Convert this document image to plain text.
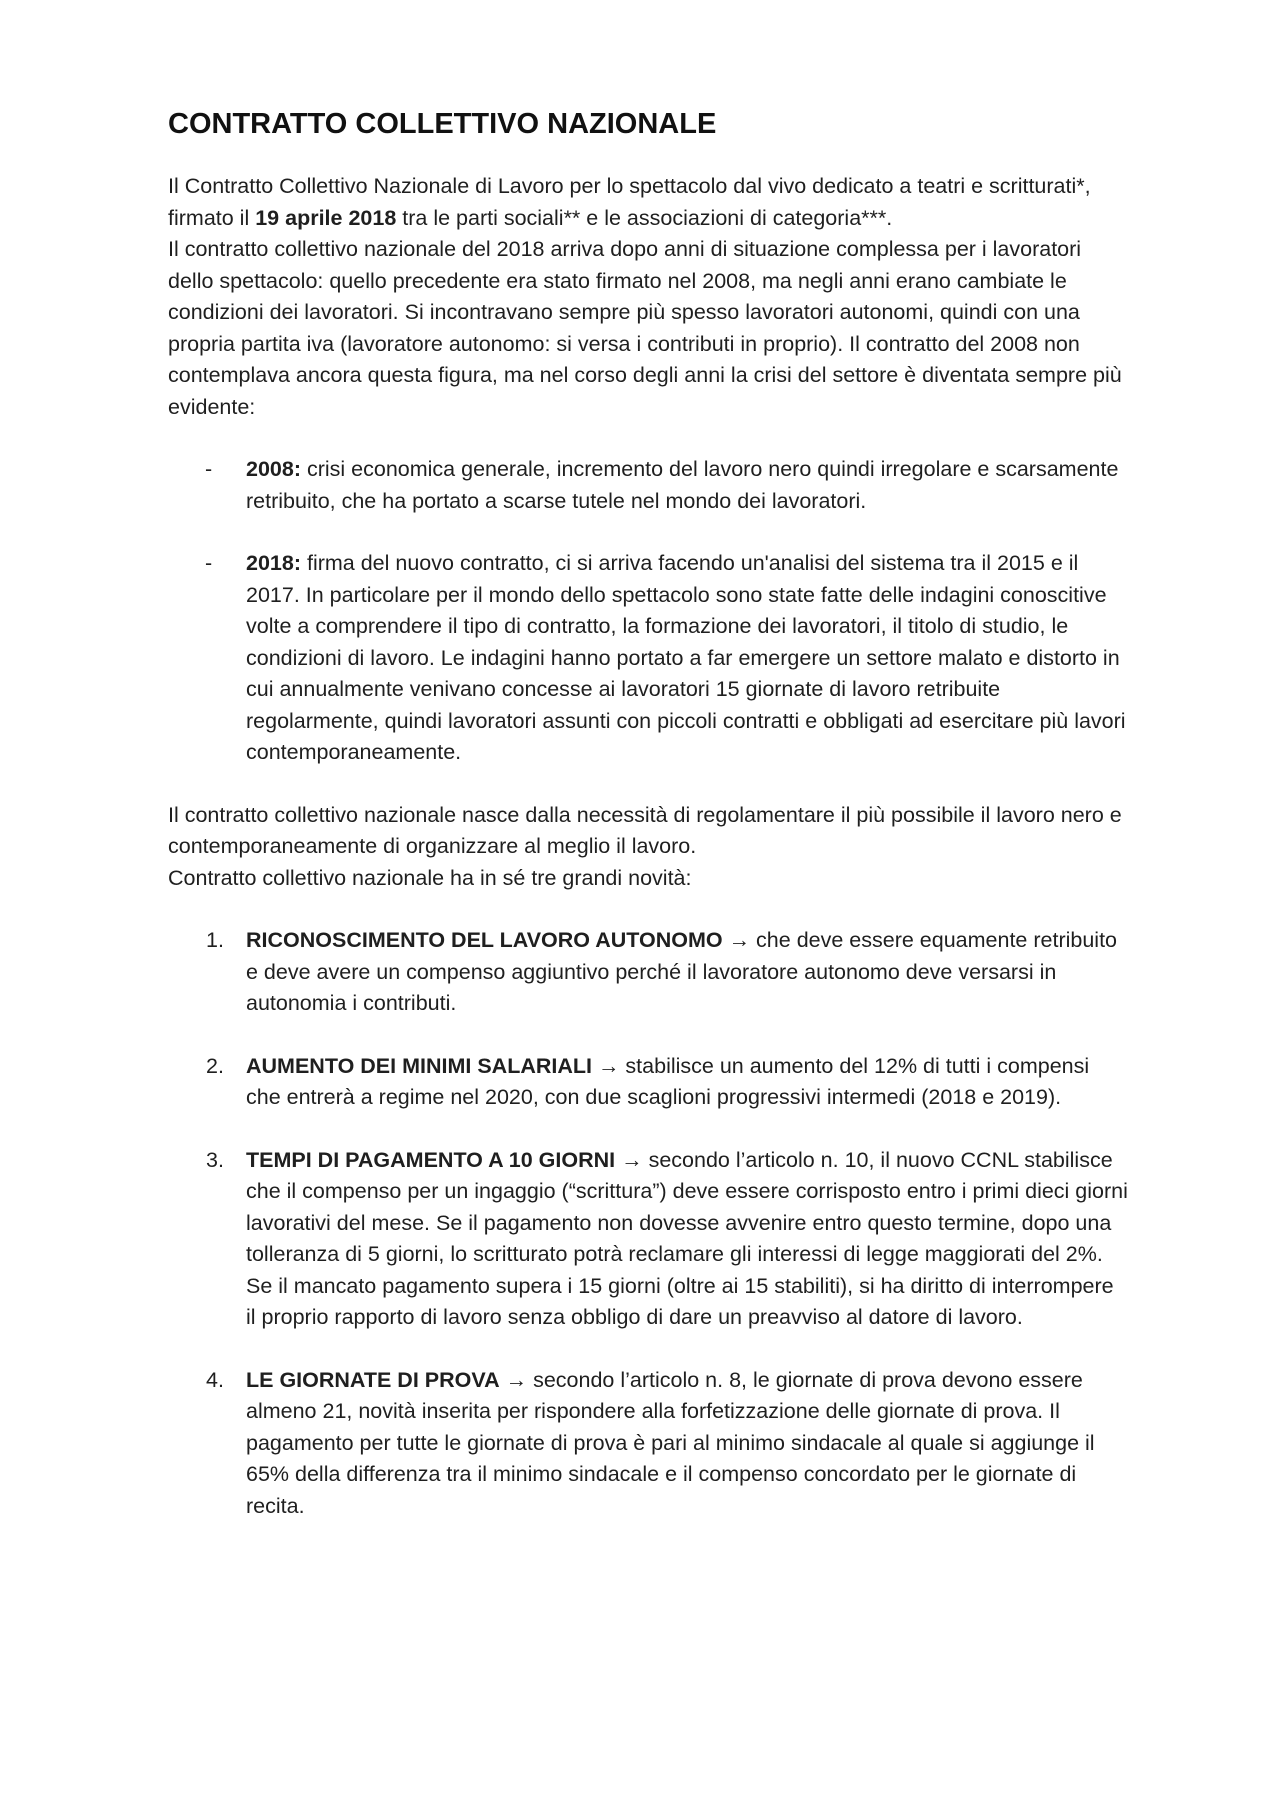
CONTRATTO COLLETTIVO NAZIONALE

Il Contratto Collettivo Nazionale di Lavoro per lo spettacolo dal vivo dedicato a teatri e scritturati*, firmato il 19 aprile 2018 tra le parti sociali** e le associazioni di categoria***.
Il contratto collettivo nazionale del 2018 arriva dopo anni di situazione complessa per i lavoratori dello spettacolo: quello precedente era stato firmato nel 2008, ma negli anni erano cambiate le condizioni dei lavoratori. Si incontravano sempre più spesso lavoratori autonomi, quindi con una propria partita iva (lavoratore autonomo: si versa i contributi in proprio). Il contratto del 2008 non contemplava ancora questa figura, ma nel corso degli anni la crisi del settore è diventata sempre più evidente:

- 2008: crisi economica generale, incremento del lavoro nero quindi irregolare e scarsamente retribuito, che ha portato a scarse tutele nel mondo dei lavoratori.
- 2018: firma del nuovo contratto, ci si arriva facendo un'analisi del sistema tra il 2015 e il 2017. In particolare per il mondo dello spettacolo sono state fatte delle indagini conoscitive volte a comprendere il tipo di contratto, la formazione dei lavoratori, il titolo di studio, le condizioni di lavoro. Le indagini hanno portato a far emergere un settore malato e distorto in cui annualmente venivano concesse ai lavoratori 15 giornate di lavoro retribuite regolarmente, quindi lavoratori assunti con piccoli contratti e obbligati ad esercitare più lavori contemporaneamente.

Il contratto collettivo nazionale nasce dalla necessità di regolamentare il più possibile il lavoro nero e contemporaneamente di organizzare al meglio il lavoro.
Contratto collettivo nazionale ha in sé tre grandi novità:

1. RICONOSCIMENTO DEL LAVORO AUTONOMO → che deve essere equamente retribuito e deve avere un compenso aggiuntivo perché il lavoratore autonomo deve versarsi in autonomia i contributi.
2. AUMENTO DEI MINIMI SALARIALI → stabilisce un aumento del 12% di tutti i compensi che entrerà a regime nel 2020, con due scaglioni progressivi intermedi (2018 e 2019).
3. TEMPI DI PAGAMENTO A 10 GIORNI → secondo l’articolo n. 10, il nuovo CCNL stabilisce che il compenso per un ingaggio (“scrittura”) deve essere corrisposto entro i primi dieci giorni lavorativi del mese. Se il pagamento non dovesse avvenire entro questo termine, dopo una tolleranza di 5 giorni, lo scritturato potrà reclamare gli interessi di legge maggiorati del 2%. Se il mancato pagamento supera i 15 giorni (oltre ai 15 stabiliti), si ha diritto di interrompere il proprio rapporto di lavoro senza obbligo di dare un preavviso al datore di lavoro.
4. LE GIORNATE DI PROVA → secondo l’articolo n. 8, le giornate di prova devono essere almeno 21, novità inserita per rispondere alla forfetizzazione delle giornate di prova. Il pagamento per tutte le giornate di prova è pari al minimo sindacale al quale si aggiunge il 65% della differenza tra il minimo sindacale e il compenso concordato per le giornate di recita.
